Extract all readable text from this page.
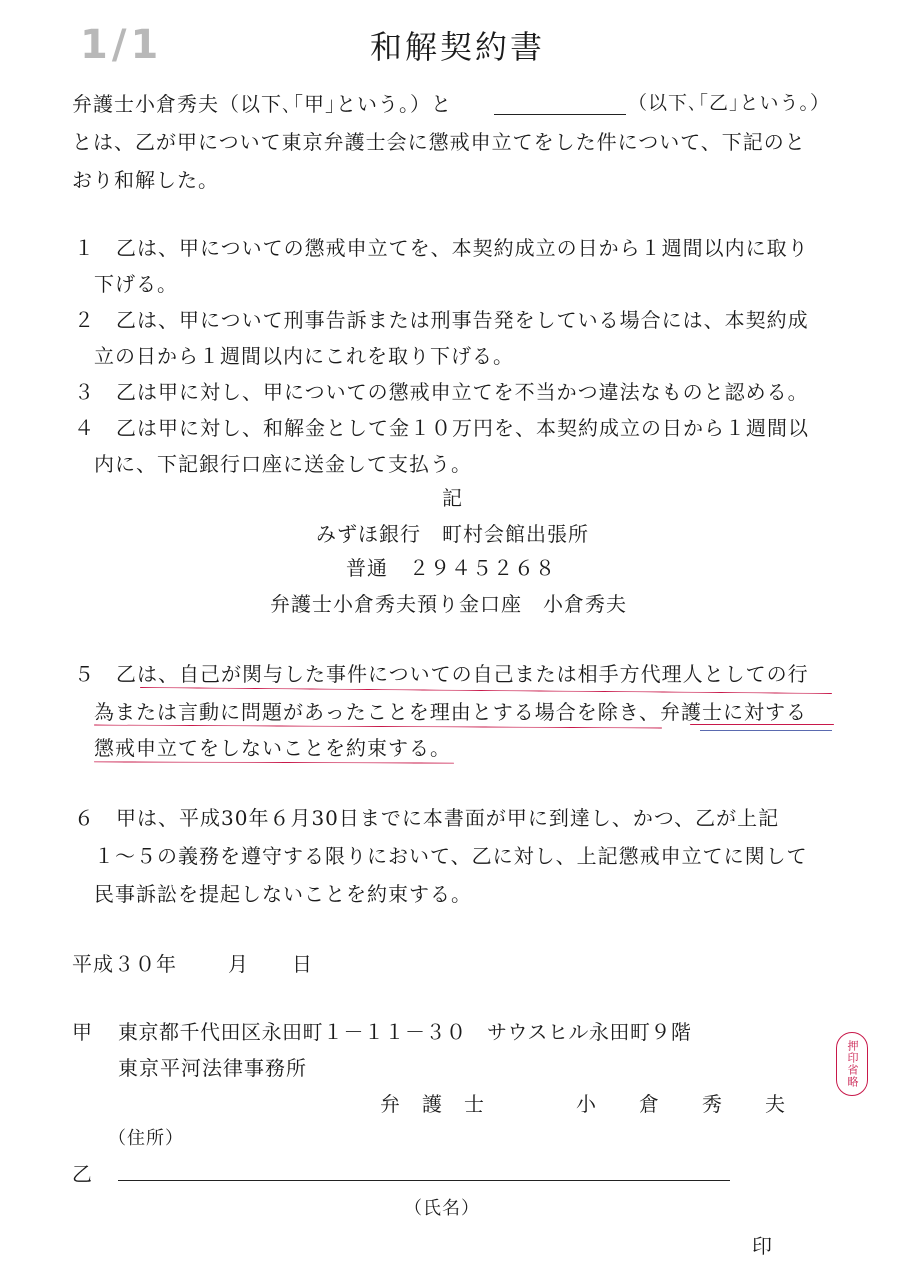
1/1	和解契約書
弁護士小倉秀夫（以下､｢甲｣という。）と	（以下､｢乙｣という。）
とは、乙が甲について東京弁護士会に懲戒申立てをした件について、下記のと
おり和解した。
１ 乙は、甲についての懲戒申立てを、本契約成立の日から１週間以内に取り
下げる。
２ 乙は、甲について刑事告訴または刑事告発をしている場合には、本契約成
立の日から１週間以内にこれを取り下げる。
３ 乙は甲に対し、甲についての懲戒申立てを不当かつ違法なものと認める。
４ 乙は甲に対し、和解金として金１０万円を、本契約成立の日から１週間以
内に、下記銀行口座に送金して支払う。
記
みずほ銀行　町村会館出張所
普通　２９４５２６８
弁護士小倉秀夫預り金口座　小倉秀夫
５ 乙は、自己が関与した事件についての自己または相手方代理人としての行
為または言動に問題があったことを理由とする場合を除き、弁護士に対する
懲戒申立てをしないことを約束する。
６ 甲は、平成30年６月30日までに本書面が甲に到達し、かつ、乙が上記
１～５の義務を遵守する限りにおいて、乙に対し、上記懲戒申立てに関して
民事訴訟を提起しないことを約束する。
平成３０年	月 日
甲 東京都千代田区永田町１－１１－３０　サウスヒル永田町９階
東京平河法律事務所
弁　護　士	小　　倉　　秀　　夫
押印省略
（住所）
乙
（氏名）
印
